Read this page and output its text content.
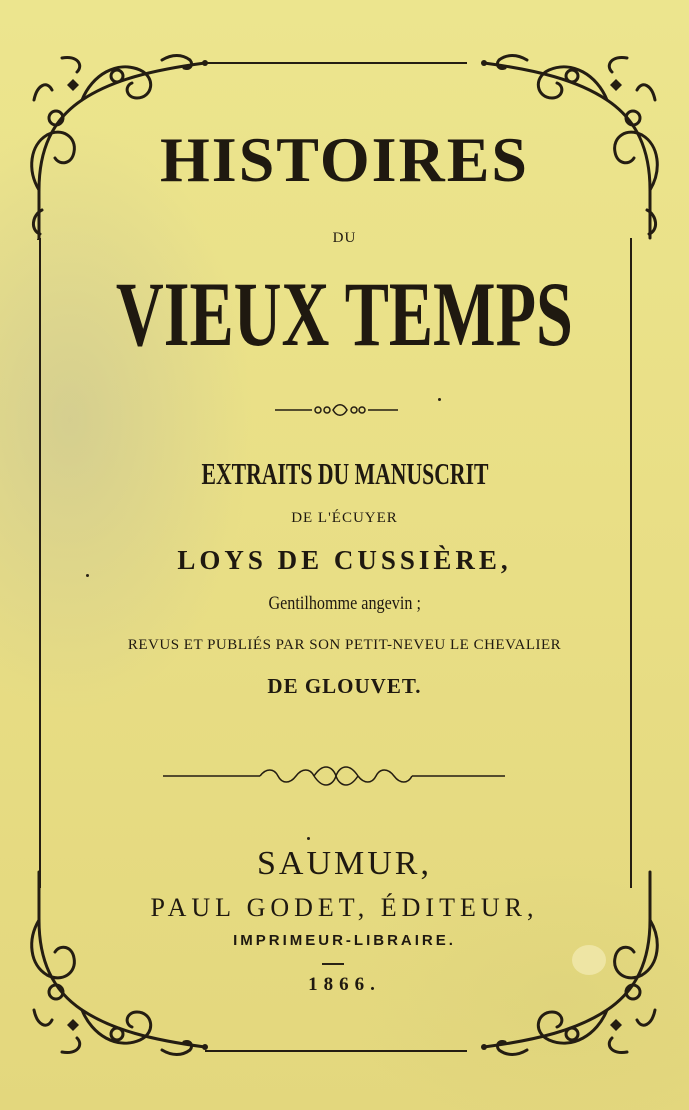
HISTOIRES
DU
VIEUX TEMPS
EXTRAITS DU MANUSCRIT
DE L'ÉCUYER
LOYS DE CUSSIÈRE,
Gentilhomme angevin ;
REVUS ET PUBLIÉS PAR SON PETIT-NEVEU LE CHEVALIER
DE GLOUVET.
SAUMUR,
PAUL GODET, ÉDITEUR,
IMPRIMEUR-LIBRAIRE.
1866.
